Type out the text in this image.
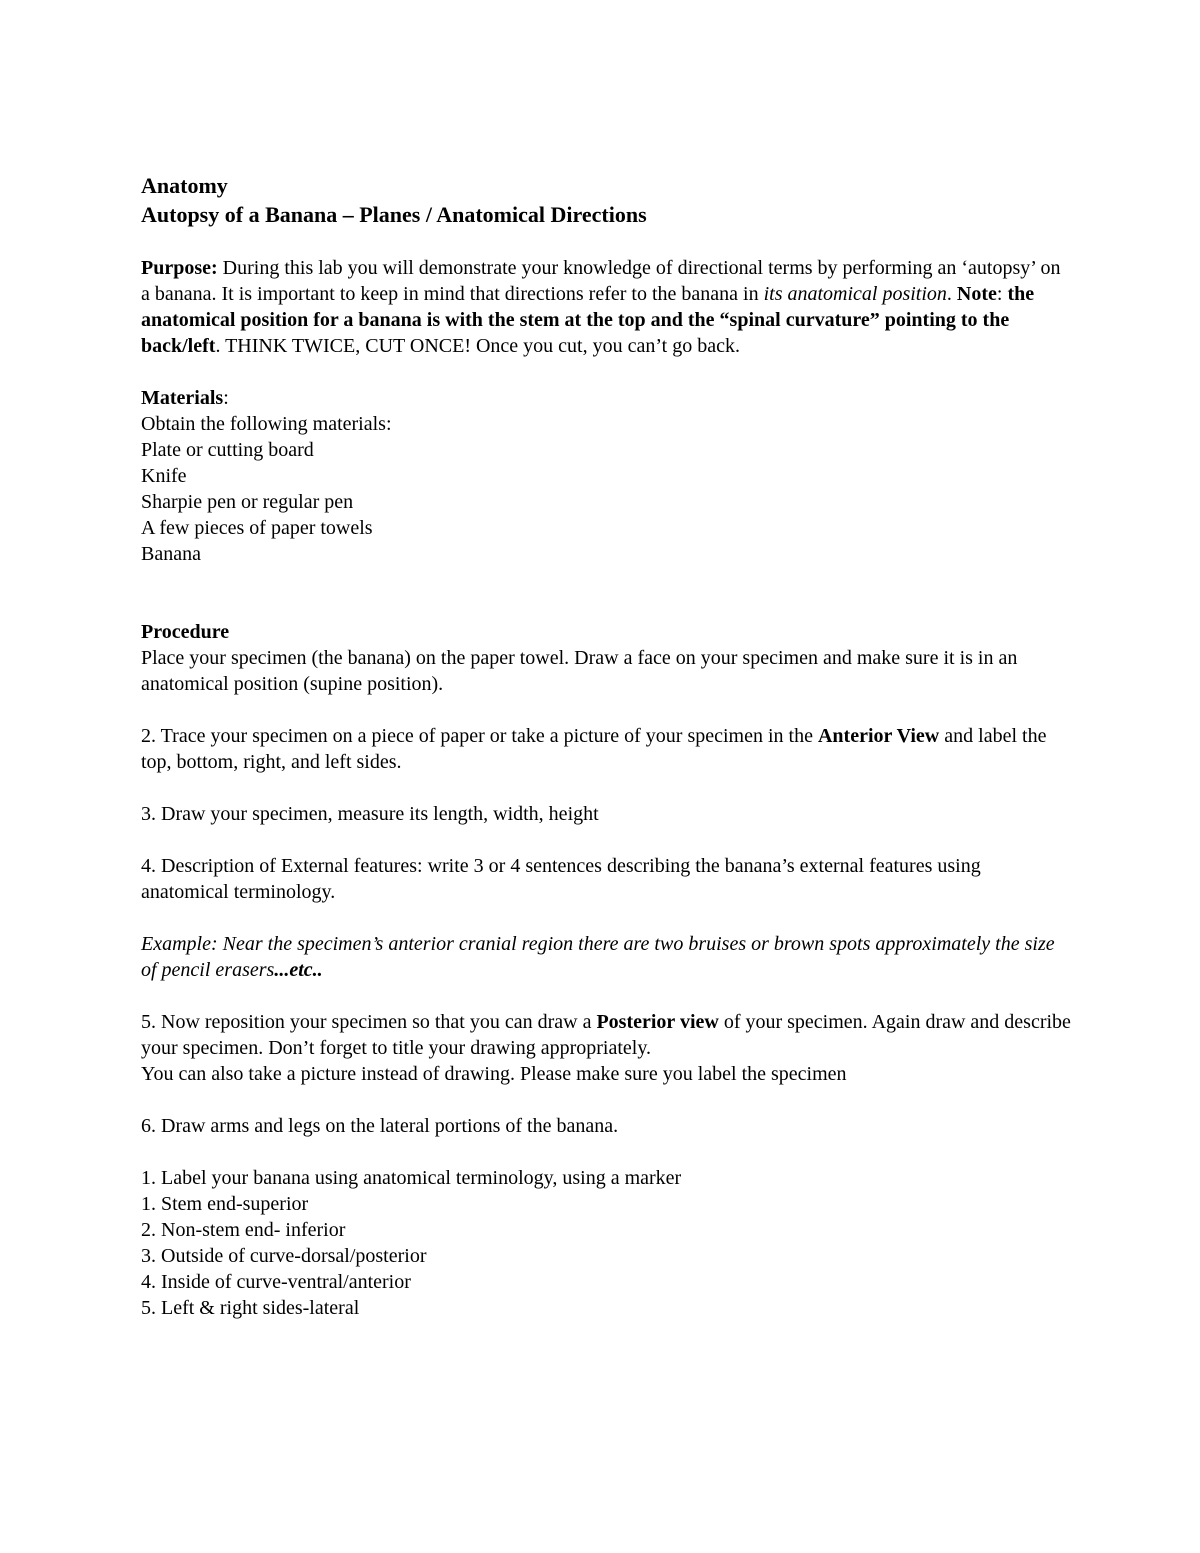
Anatomy
Autopsy of a Banana – Planes / Anatomical Directions

Purpose: During this lab you will demonstrate your knowledge of directional terms by performing an ‘autopsy’ on a banana. It is important to keep in mind that directions refer to the banana in its anatomical position. Note: the anatomical position for a banana is with the stem at the top and the “spinal curvature” pointing to the back/left. THINK TWICE, CUT ONCE! Once you cut, you can’t go back.

Materials:

Obtain the following materials:

Plate or cutting board

Knife

Sharpie pen or regular pen

A few pieces of paper towels

Banana

Procedure

Place your specimen (the banana) on the paper towel. Draw a face on your specimen and make sure it is in an anatomical position (supine position).

2. Trace your specimen on a piece of paper or take a picture of your specimen in the Anterior View and label the top, bottom, right, and left sides.

3. Draw your specimen, measure its length, width, height

4. Description of External features: write 3 or 4 sentences describing the banana’s external features using anatomical terminology.

Example: Near the specimen’s anterior cranial region there are two bruises or brown spots approximately the size of pencil erasers...etc..

5. Now reposition your specimen so that you can draw a Posterior view of your specimen. Again draw and describe your specimen. Don’t forget to title your drawing appropriately.

You can also take a picture instead of drawing. Please make sure you label the specimen

6. Draw arms and legs on the lateral portions of the banana.

1. Label your banana using anatomical terminology, using a marker

1. Stem end-superior

2. Non-stem end- inferior

3. Outside of curve-dorsal/posterior

4. Inside of curve-ventral/anterior

5. Left & right sides-lateral
